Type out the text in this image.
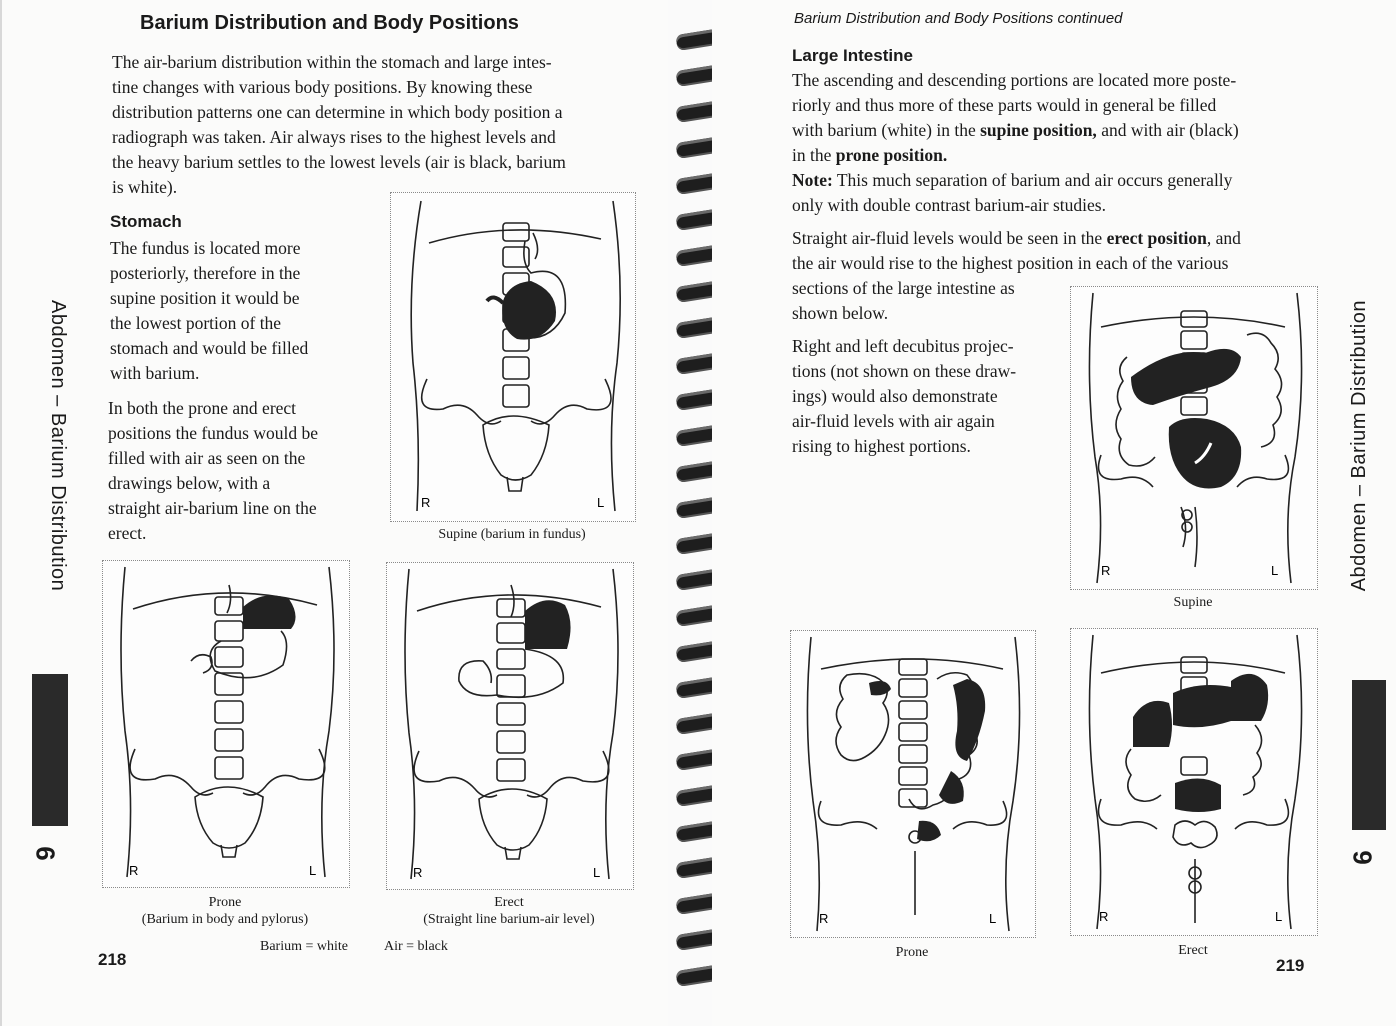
Barium Distribution and Body Positions
The air-barium distribution within the stomach and large intes-
tine changes with various body positions. By knowing these
distribution patterns one can determine in which body position a
radiograph was taken. Air always rises to the highest levels and
the heavy barium settles to the lowest levels (air is black, barium
is white).
Stomach
The fundus is located more
posteriorly, therefore in the
supine position it would be
the lowest portion of the
stomach and would be filled
with barium.
In both the prone and erect
positions the fundus would be
filled with air as seen on the
drawings below, with a
straight air-barium line on the
erect.
R	L
Supine (barium in fundus)
R	L
Prone
(Barium in body and pylorus)
R	L
Erect
(Straight line barium-air level)
Barium = white	Air = black
218
Abdomen – Barium Distribution
6
Barium Distribution and Body Positions continued
Large Intestine
The ascending and descending portions are located more poste-
riorly and thus more of these parts would in general be filled
with barium (white) in the supine position, and with air (black)
in the prone position.
Note: This much separation of barium and air occurs generally
only with double contrast barium-air studies.
Straight air-fluid levels would be seen in the erect position, and
the air would rise to the highest position in each of the various
sections of the large intestine as
shown below.
Right and left decubitus projec-
tions (not shown on these draw-
ings) would also demonstrate
air-fluid levels with air again
rising to highest portions.
R	L
Supine
R	L
Prone
R	L
Erect
219
Abdomen – Barium Distribution
6
